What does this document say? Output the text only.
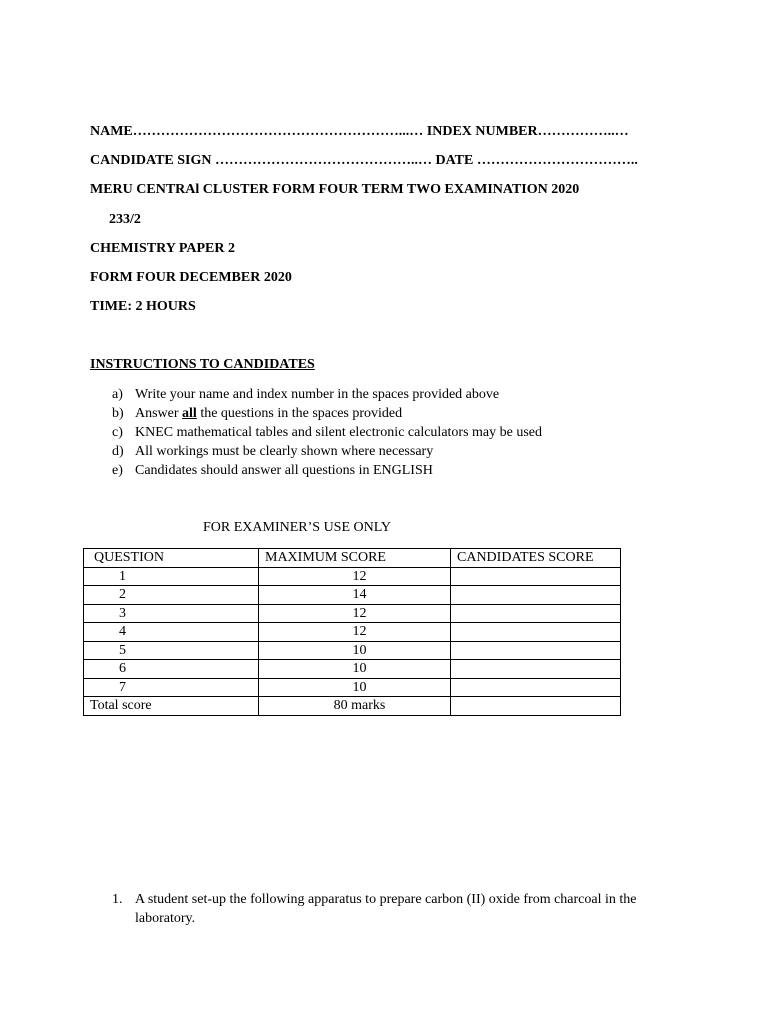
NAME…………………………………………………...… INDEX NUMBER……………..…
CANDIDATE SIGN ……………………………………..… DATE ……………………………..
MERU CENTRAl CLUSTER FORM FOUR TERM TWO EXAMINATION 2020
233/2
CHEMISTRY PAPER 2
FORM FOUR DECEMBER 2020
TIME: 2 HOURS
INSTRUCTIONS TO CANDIDATES
a) Write your name and index number in the spaces provided above
b) Answer all the questions in the spaces provided
c) KNEC mathematical tables and silent electronic calculators may be used
d) All workings must be clearly shown where necessary
e) Candidates should answer all questions in ENGLISH
FOR EXAMINER’S USE ONLY
QUESTION	MAXIMUM SCORE	CANDIDATES SCORE
1	12	
2	14	
3	12	
4	12	
5	10	
6	10	
7	10	
Total score	80 marks	
1. A student set-up the following apparatus to prepare carbon (II) oxide from charcoal in the laboratory.
